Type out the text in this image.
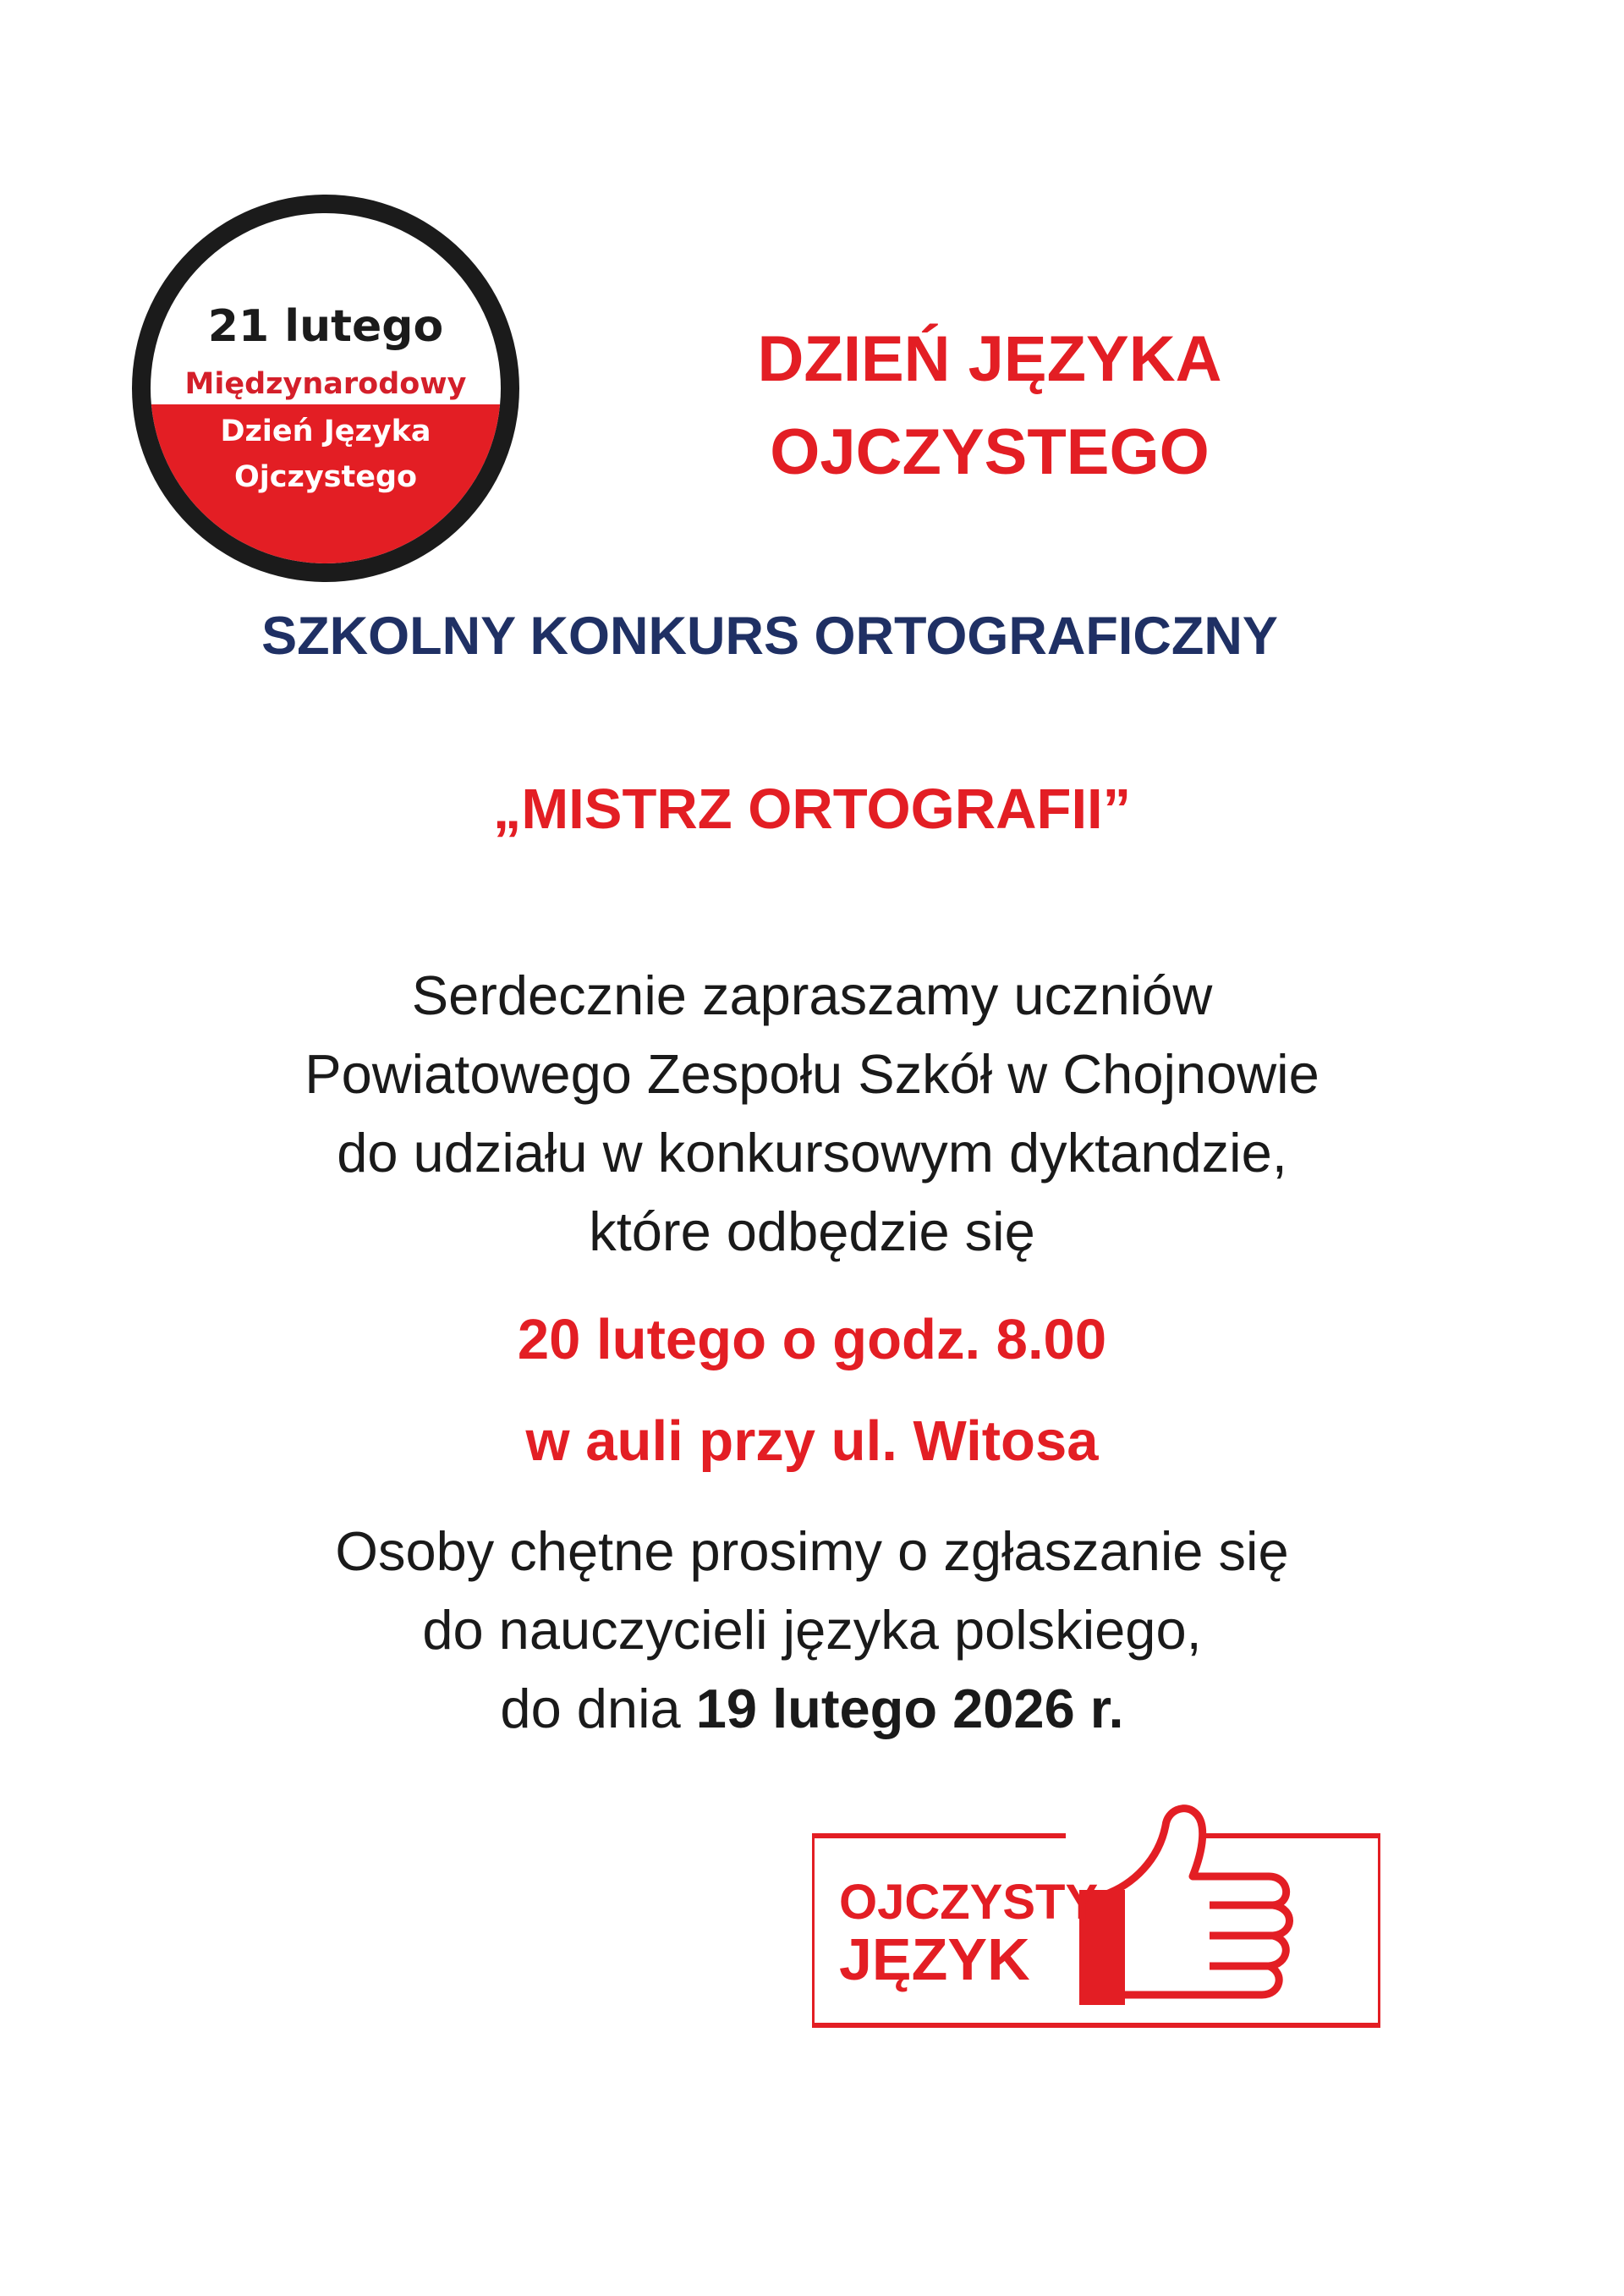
21 lutego
Międzynarodowy
Dzień Języka
Ojczystego
DZIEŃ JĘZYKA
OJCZYSTEGO
SZKOLNY KONKURS ORTOGRAFICZNY
„MISTRZ ORTOGRAFII”
Serdecznie zapraszamy uczniów
Powiatowego Zespołu Szkół w Chojnowie
do udziału w konkursowym dyktandzie,
które odbędzie się
20 lutego o godz. 8.00
w auli przy ul. Witosa
Osoby chętne prosimy o zgłaszanie się
do nauczycieli języka polskiego,
do dnia 19 lutego 2026 r.
OJCZYSTY
JĘZYK
